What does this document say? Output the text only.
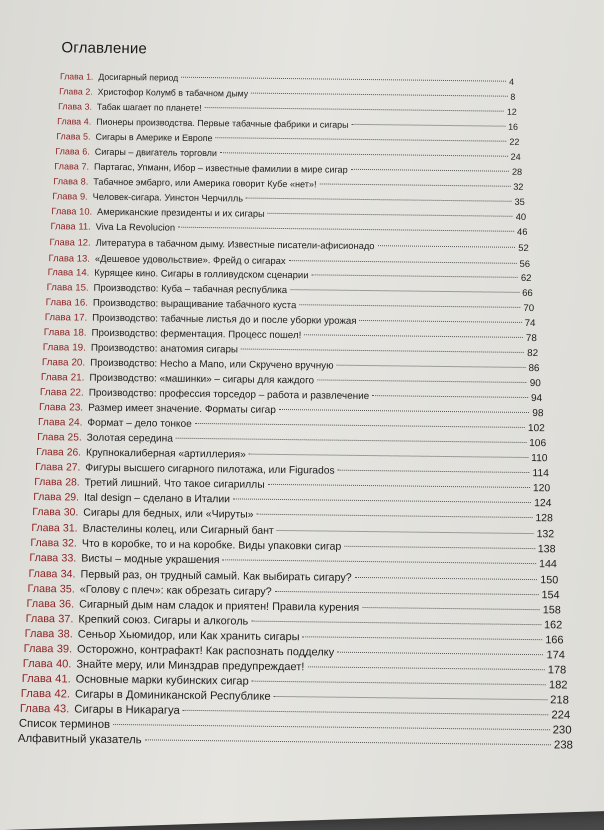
Оглавление
Глава 1. Досигарный период	4
Глава 2. Христофор Колумб в табачном дыму	8
Глава 3. Табак шагает по планете!	12
Глава 4. Пионеры производства. Первые табачные фабрики и сигары	16
Глава 5. Сигары в Америке и Европе	22
Глава 6. Сигары – двигатель торговли	24
Глава 7. Партагас, Упманн, Ибор – известные фамилии в мире сигар	28
Глава 8. Табачное эмбарго, или Америка говорит Кубе «нет»!	32
Глава 9. Человек-сигара. Уинстон Черчилль	35
Глава 10. Американские президенты и их сигары	40
Глава 11. Viva La Revolucion	46
Глава 12. Литература в табачном дыму. Известные писатели-афисионадо	52
Глава 13. «Дешевое удовольствие». Фрейд о сигарах	56
Глава 14. Курящее кино. Сигары в голливудском сценарии	62
Глава 15. Производство: Куба – табачная республика	66
Глава 16. Производство: выращивание табачного куста	70
Глава 17. Производство: табачные листья до и после уборки урожая	74
Глава 18. Производство: ферментация. Процесс пошел!	78
Глава 19. Производство: анатомия сигары	82
Глава 20. Производство: Hecho a Mano, или Скручено вручную	86
Глава 21. Производство: «машинки» – сигары для каждого	90
Глава 22. Производство: профессия торседор – работа и развлечение	94
Глава 23. Размер имеет значение. Форматы сигар	98
Глава 24. Формат – дело тонкое	102
Глава 25. Золотая середина	106
Глава 26. Крупнокалиберная «артиллерия»	110
Глава 27. Фигуры высшего сигарного пилотажа, или Figurados	114
Глава 28. Третий лишний. Что такое сигариллы	120
Глава 29. Ital design – сделано в Италии	124
Глава 30. Сигары для бедных, или «Чируты»	128
Глава 31. Властелины колец, или Сигарный бант	132
Глава 32. Что в коробке, то и на коробке. Виды упаковки сигар	138
Глава 33. Висты – модные украшения	144
Глава 34. Первый раз, он трудный самый. Как выбирать сигару?	150
Глава 35. «Голову с плеч»: как обрезать сигару?	154
Глава 36. Сигарный дым нам сладок и приятен! Правила курения	158
Глава 37. Крепкий союз. Сигары и алкоголь	162
Глава 38. Сеньор Хьюмидор, или Как хранить сигары	166
Глава 39. Осторожно, контрафакт! Как распознать подделку	174
Глава 40. Знайте меру, или Минздрав предупреждает!	178
Глава 41. Основные марки кубинских сигар	182
Глава 42. Сигары в Доминиканской Республике	218
Глава 43. Сигары в Никарагуа	224
Список терминов	230
Алфавитный указатель	238
